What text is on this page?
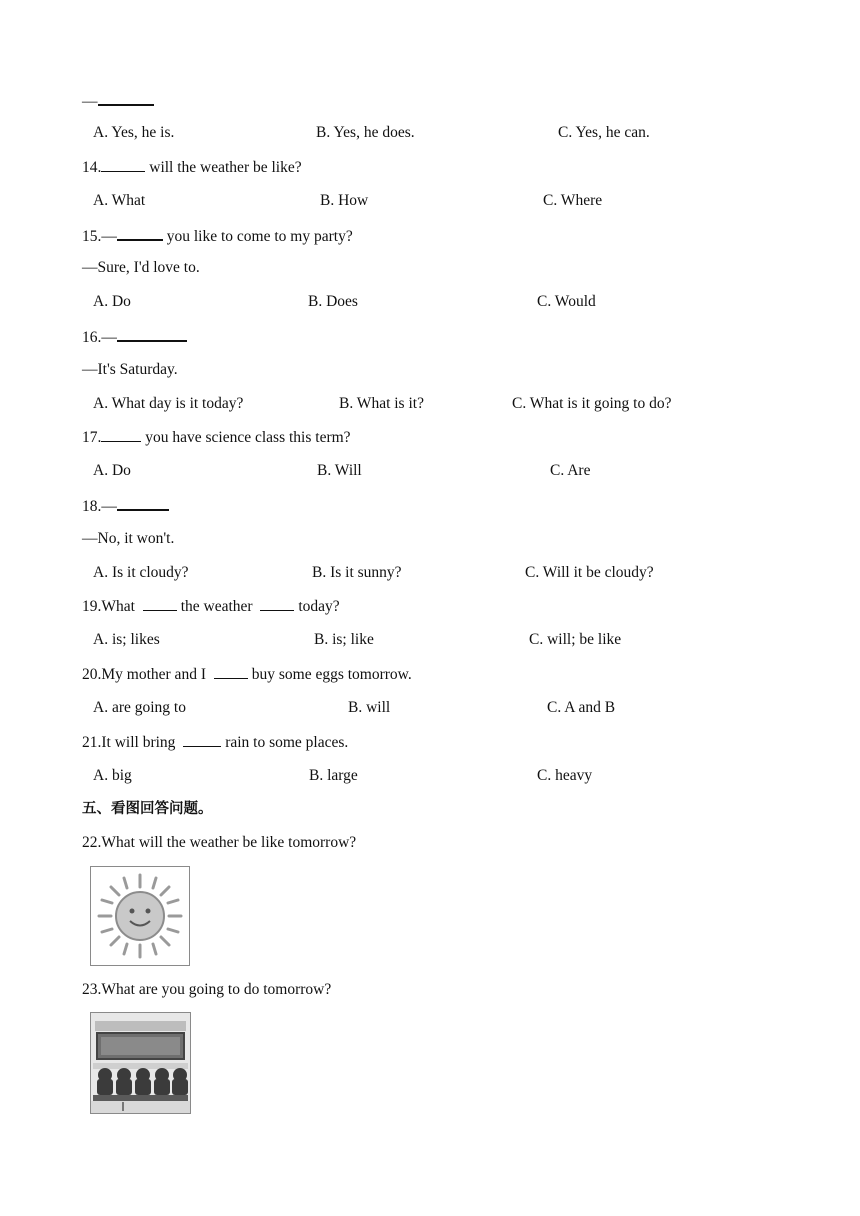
—
A. Yes, he is.	B. Yes, he does.	C. Yes, he can.
14.	will the weather be like?
A. What	B. How	C. Where
15.—	you like to come to my party?
—Sure, I'd love to.
A. Do	B. Does	C. Would
16.—
—It's Saturday.
A. What day is it today?	B. What is it?	C. What is it going to do?
17.	you have science class this term?
A. Do	B. Will	C. Are
18.—
—No, it won't.
A. Is it cloudy?	B. Is it sunny?	C. Will it be cloudy?
19.What  the weather  today?
A. is; likes	B. is; like	C. will; be like
20.My mother and I  buy some eggs tomorrow.
A. are going to	B. will	C. A and B
21.It will bring	rain to some places.
A. big	B. large	C. heavy
五、看图回答问题。
22.What will the weather be like tomorrow?
23.What are you going to do tomorrow?
